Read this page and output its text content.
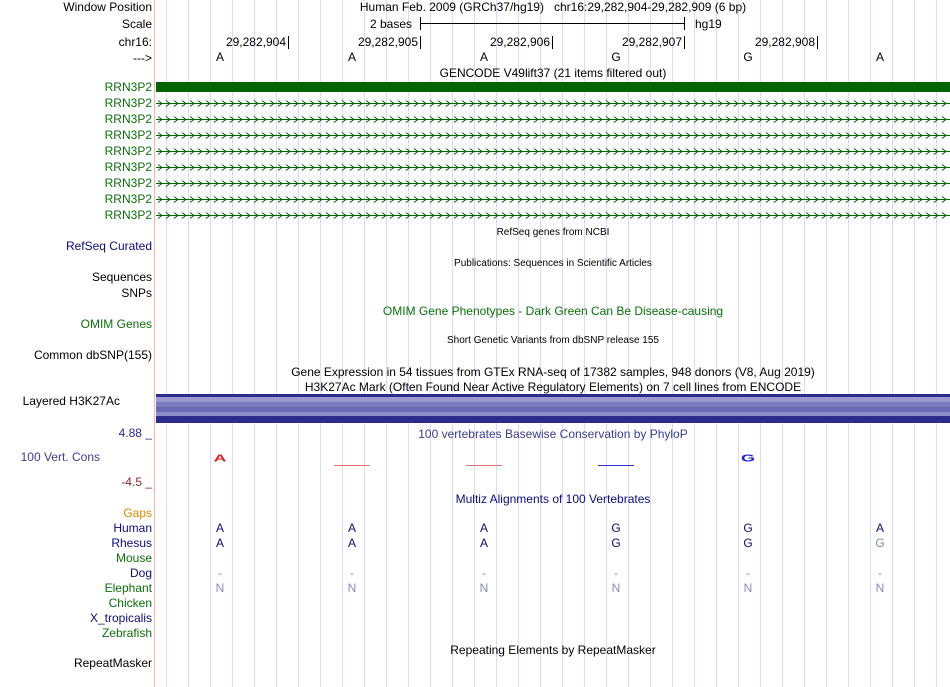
Window Position	Human Feb. 2009 (GRCh37/hg19)   chr16:29,282,904-29,282,909 (6 bp)
Scale	2 bases	hg19
chr16:	29,282,904	29,282,905	29,282,906	29,282,907	29,282,908
--->	A	A	A	G	G	A
GENCODE V49lift37 (21 items filtered out)
RRN3P2
RRN3P2
RRN3P2
RRN3P2
RRN3P2
RRN3P2
RRN3P2
RRN3P2
RRN3P2
RefSeq genes from NCBI
RefSeq Curated
Publications: Sequences in Scientific Articles
Sequences
SNPs
OMIM Gene Phenotypes - Dark Green Can Be Disease-causing
OMIM Genes
Short Genetic Variants from dbSNP release 155
Common dbSNP(155)
Gene Expression in 54 tissues from GTEx RNA-seq of 17382 samples, 948 donors (V8, Aug 2019)
H3K27Ac Mark (Often Found Near Active Regulatory Elements) on 7 cell lines from ENCODE
Layered H3K27Ac
4.88 _	100 vertebrates Basewise Conservation by PhyloP
100 Vert. Cons
-4.5 _
A	G
Multiz Alignments of 100 Vertebrates
Gaps
Human	A	A	A	G	G	A
Rhesus	A	A	A	G	G	G
Mouse
Dog	-	-	-	-	-	-
Elephant	N	N	N	N	N	N
Chicken
X_tropicalis
Zebrafish
Repeating Elements by RepeatMasker
RepeatMasker
